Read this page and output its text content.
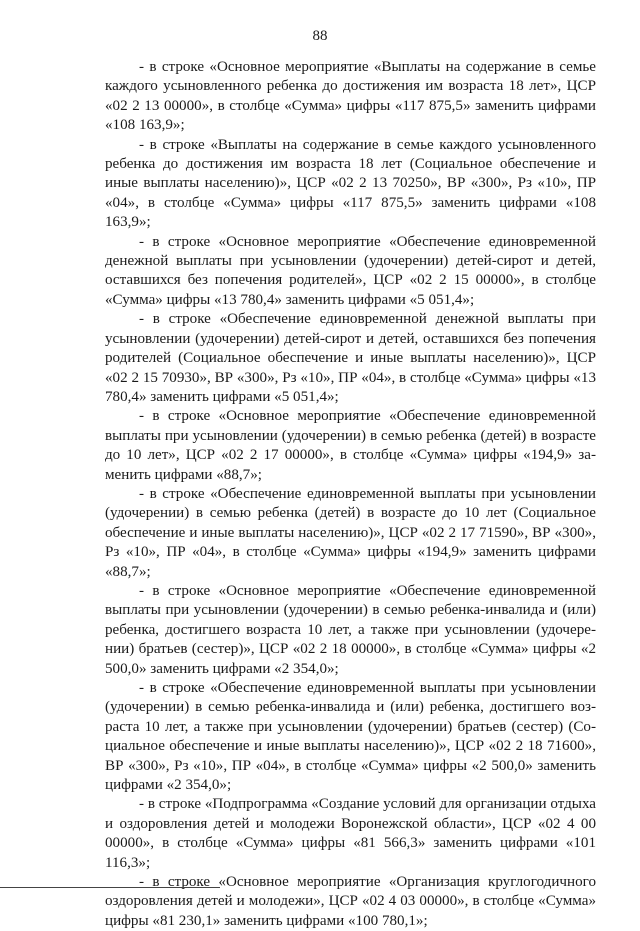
88

- в строке «Основное мероприятие «Выплаты на содержание в семье каждого усыновленного ребенка до достижения им возраста 18 лет», ЦСР «02 2 13 00000», в столбце «Сумма» цифры «117 875,5» заменить цифрами «108 163,9»;

- в строке «Выплаты на содержание в семье каждого усыновленного ребенка до достижения им возраста 18 лет (Социальное обеспечение и иные выплаты населению)», ЦСР «02 2 13 70250», ВР «300», Рз «10», ПР «04», в столбце «Сумма» цифры «117 875,5» заменить цифрами «108 163,9»;

- в строке «Основное мероприятие «Обеспечение единовременной денежной выплаты при усыновлении (удочерении) детей-сирот и детей, оставшихся без попечения родителей», ЦСР «02 2 15 00000», в столбце «Сумма» цифры «13 780,4» заменить цифрами «5 051,4»;

- в строке «Обеспечение единовременной денежной выплаты при усыновлении (удочерении) детей-сирот и детей, оставшихся без попечения родителей (Социальное обеспечение и иные выплаты населению)», ЦСР «02 2 15 70930», ВР «300», Рз «10», ПР «04», в столбце «Сумма» цифры «13 780,4» заменить цифрами «5 051,4»;

- в строке «Основное мероприятие «Обеспечение единовременной выплаты при усыновлении (удочерении) в семью ребенка (детей) в возрасте до 10 лет», ЦСР «02 2 17 00000», в столбце «Сумма» цифры «194,9» заменить цифрами «88,7»;

- в строке «Обеспечение единовременной выплаты при усыновлении (удочерении) в семью ребенка (детей) в возрасте до 10 лет (Социальное обеспечение и иные выплаты населению)», ЦСР «02 2 17 71590», ВР «300», Рз «10», ПР «04», в столбце «Сумма» цифры «194,9» заменить цифрами «88,7»;

- в строке «Основное мероприятие «Обеспечение единовременной выплаты при усыновлении (удочерении) в семью ребенка-инвалида и (или) ребенка, достигшего возраста 10 лет, а также при усыновлении (удочерении) братьев (сестер)», ЦСР «02 2 18 00000», в столбце «Сумма» цифры «2 500,0» заменить цифрами «2 354,0»;

- в строке «Обеспечение единовременной выплаты при усыновлении (удочерении) в семью ребенка-инвалида и (или) ребенка, достигшего возраста 10 лет, а также при усыновлении (удочерении) братьев (сестер) (Социальное обеспечение и иные выплаты населению)», ЦСР «02 2 18 71600», ВР «300», Рз «10», ПР «04», в столбце «Сумма» цифры «2 500,0» заменить цифрами «2 354,0»;

- в строке «Подпрограмма «Создание условий для организации отдыха и оздоровления детей и молодежи Воронежской области», ЦСР «02 4 00 00000», в столбце «Сумма» цифры «81 566,3» заменить цифрами «101 116,3»;

- в строке «Основное мероприятие «Организация круглогодичного оздоровления детей и молодежи», ЦСР «02 4 03 00000», в столбце «Сумма» цифры «81 230,1» заменить цифрами «100 780,1»;
